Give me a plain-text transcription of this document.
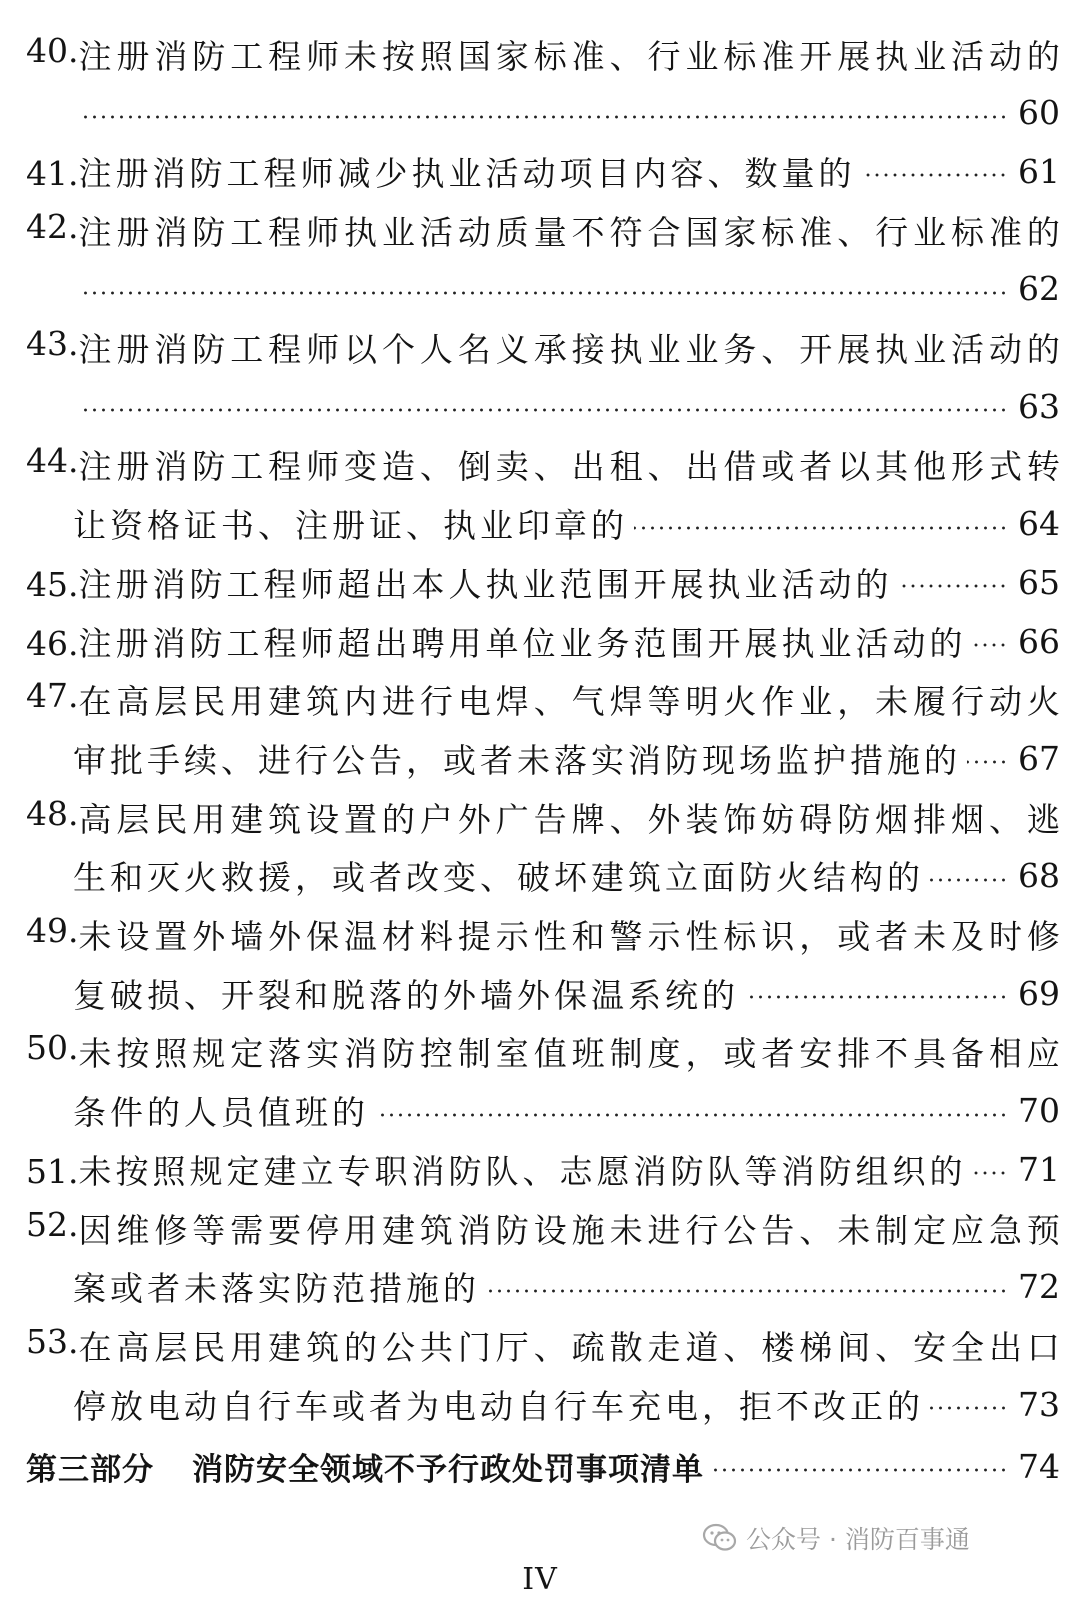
40. 注 册 消 防 工 程 师 未 按 照 国 家 标 准 、 行 业 标 准 开 展 执 业 活 动 的
60
41.注册消防工程师减少执业活动项目内容、数量的	61
42. 注 册 消 防 工 程 师 执 业 活 动 质 量 不 符 合 国 家 标 准 、 行 业 标 准 的
62
43. 注 册 消 防 工 程 师 以 个 人 名 义 承 接 执 业 业 务 、 开 展 执 业 活 动 的
63
44. 注 册 消 防 工 程 师 变 造 、 倒 卖 、 出 租 、 出 借 或 者 以 其 他 形 式 转
让资格证书、注册证、执业印章的	64
45.注册消防工程师超出本人执业范围开展执业活动的	65
46.注册消防工程师超出聘用单位业务范围开展执业活动的 66
47. 在 高 层 民 用 建 筑 内 进 行 电 焊 、 气 焊 等 明 火 作 业 ， 未 履 行 动 火
审批手续、进行公告，或者未落实消防现场监护措施的 67
48. 高 层 民 用 建 筑 设 置 的 户 外 广 告 牌 、 外 装 饰 妨 碍 防 烟 排 烟 、 逃
生和灭火救援，或者改变、破坏建筑立面防火结构的	68
49. 未 设 置 外 墙 外 保 温 材 料 提 示 性 和 警 示 性 标 识 ， 或 者 未 及 时 修
复破损、开裂和脱落的外墙外保温系统的	69
50. 未 按 照 规 定 落 实 消 防 控 制 室 值 班 制 度 ， 或 者 安 排 不 具 备 相 应
条件的人员值班的	70
51.未按照规定建立专职消防队、志愿消防队等消防组织的 71
52. 因 维 修 等 需 要 停 用 建 筑 消 防 设 施 未 进 行 公 告 、 未 制 定 应 急 预
案或者未落实防范措施的	72
53. 在 高 层 民 用 建 筑 的 公 共 门 厅 、 疏 散 走 道 、 楼 梯 间 、 安 全 出 口
停放电动自行车或者为电动自行车充电，拒不改正的	73
第三部分 消防安全领域不予行政处罚事项清单	74
公众号 · 消防百事通
IV
